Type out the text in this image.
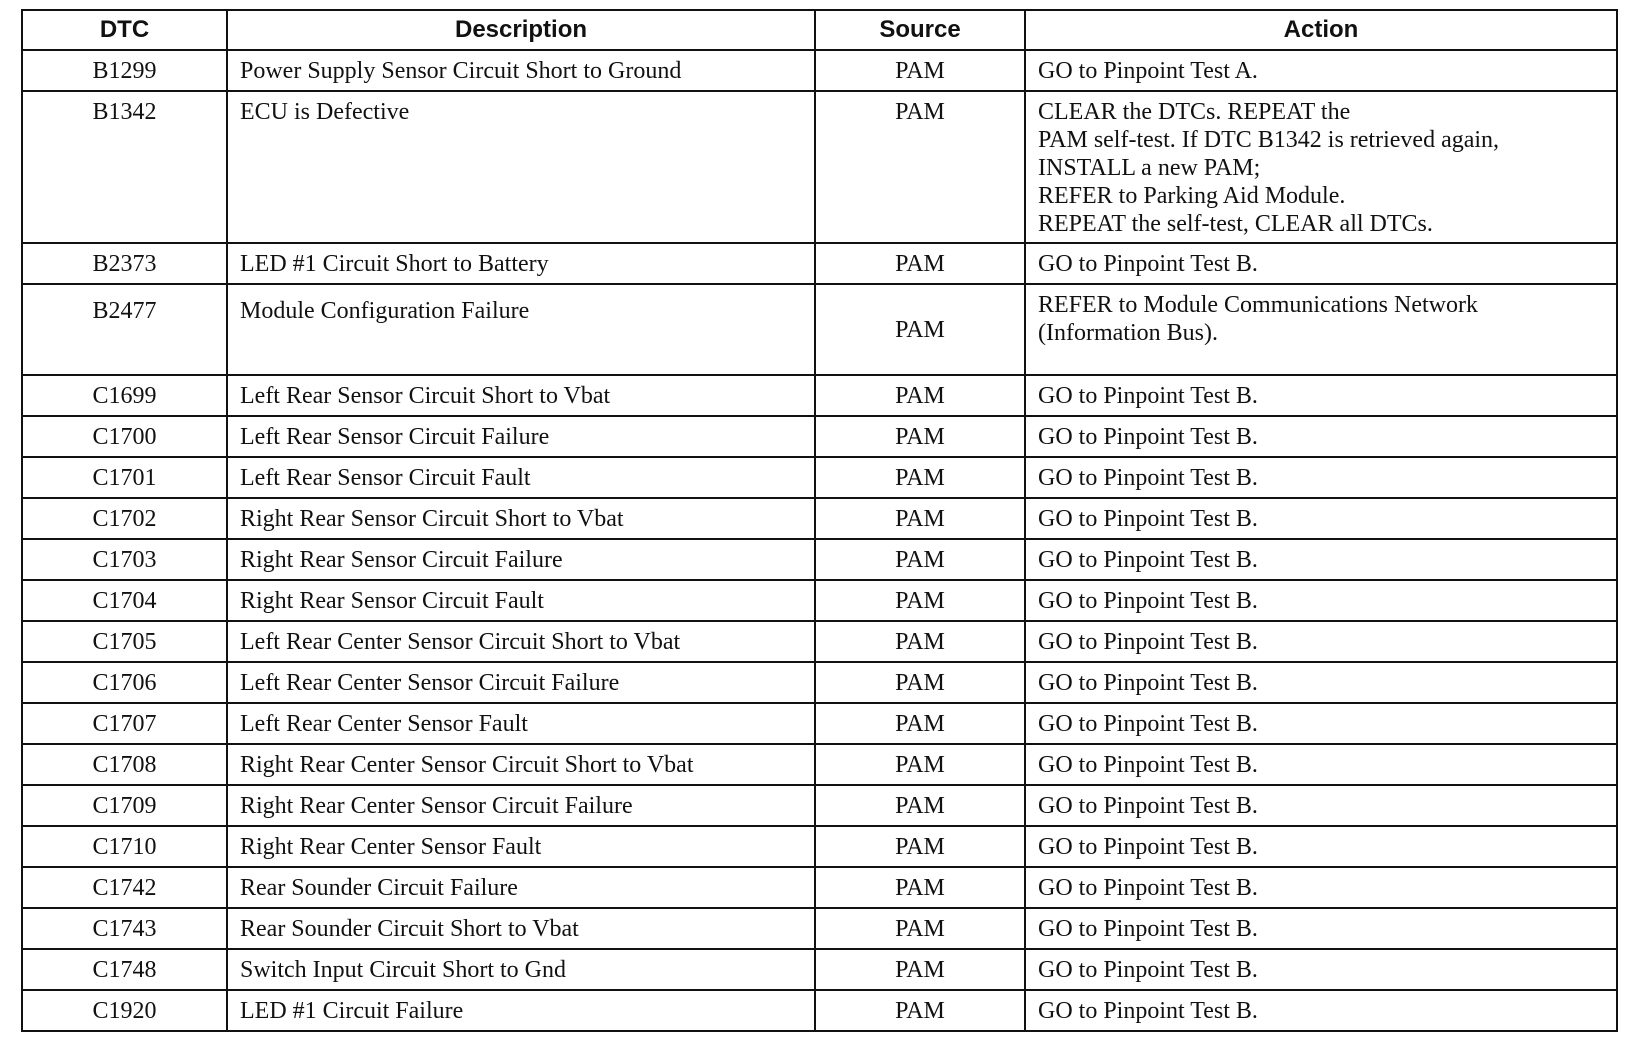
DTC	Description	Source	Action
B1299	Power Supply Sensor Circuit Short to Ground	PAM	GO to Pinpoint Test A.

B1342	ECU is Defective	PAM	CLEAR the DTCs. REPEAT the
PAM self-test. If DTC B1342 is retrieved again,
INSTALL a new PAM;
REFER to Parking Aid Module.
REPEAT the self-test, CLEAR all DTCs.

B2373	LED #1 Circuit Short to Battery	PAM	GO to Pinpoint Test B.

B2477	Module Configuration Failure	PAM	REFER to Module Communications Network
(Information Bus).

C1699	Left Rear Sensor Circuit Short to Vbat	PAM	GO to Pinpoint Test B.

C1700	Left Rear Sensor Circuit Failure	PAM	GO to Pinpoint Test B.

C1701	Left Rear Sensor Circuit Fault	PAM	GO to Pinpoint Test B.

C1702	Right Rear Sensor Circuit Short to Vbat	PAM	GO to Pinpoint Test B.

C1703	Right Rear Sensor Circuit Failure	PAM	GO to Pinpoint Test B.

C1704	Right Rear Sensor Circuit Fault	PAM	GO to Pinpoint Test B.

C1705	Left Rear Center Sensor Circuit Short to Vbat	PAM	GO to Pinpoint Test B.

C1706	Left Rear Center Sensor Circuit Failure	PAM	GO to Pinpoint Test B.

C1707	Left Rear Center Sensor Fault	PAM	GO to Pinpoint Test B.

C1708	Right Rear Center Sensor Circuit Short to Vbat	PAM	GO to Pinpoint Test B.

C1709	Right Rear Center Sensor Circuit Failure	PAM	GO to Pinpoint Test B.

C1710	Right Rear Center Sensor Fault	PAM	GO to Pinpoint Test B.

C1742	Rear Sounder Circuit Failure	PAM	GO to Pinpoint Test B.

C1743	Rear Sounder Circuit Short to Vbat	PAM	GO to Pinpoint Test B.

C1748	Switch Input Circuit Short to Gnd	PAM	GO to Pinpoint Test B.

C1920	LED #1 Circuit Failure	PAM	GO to Pinpoint Test B.
